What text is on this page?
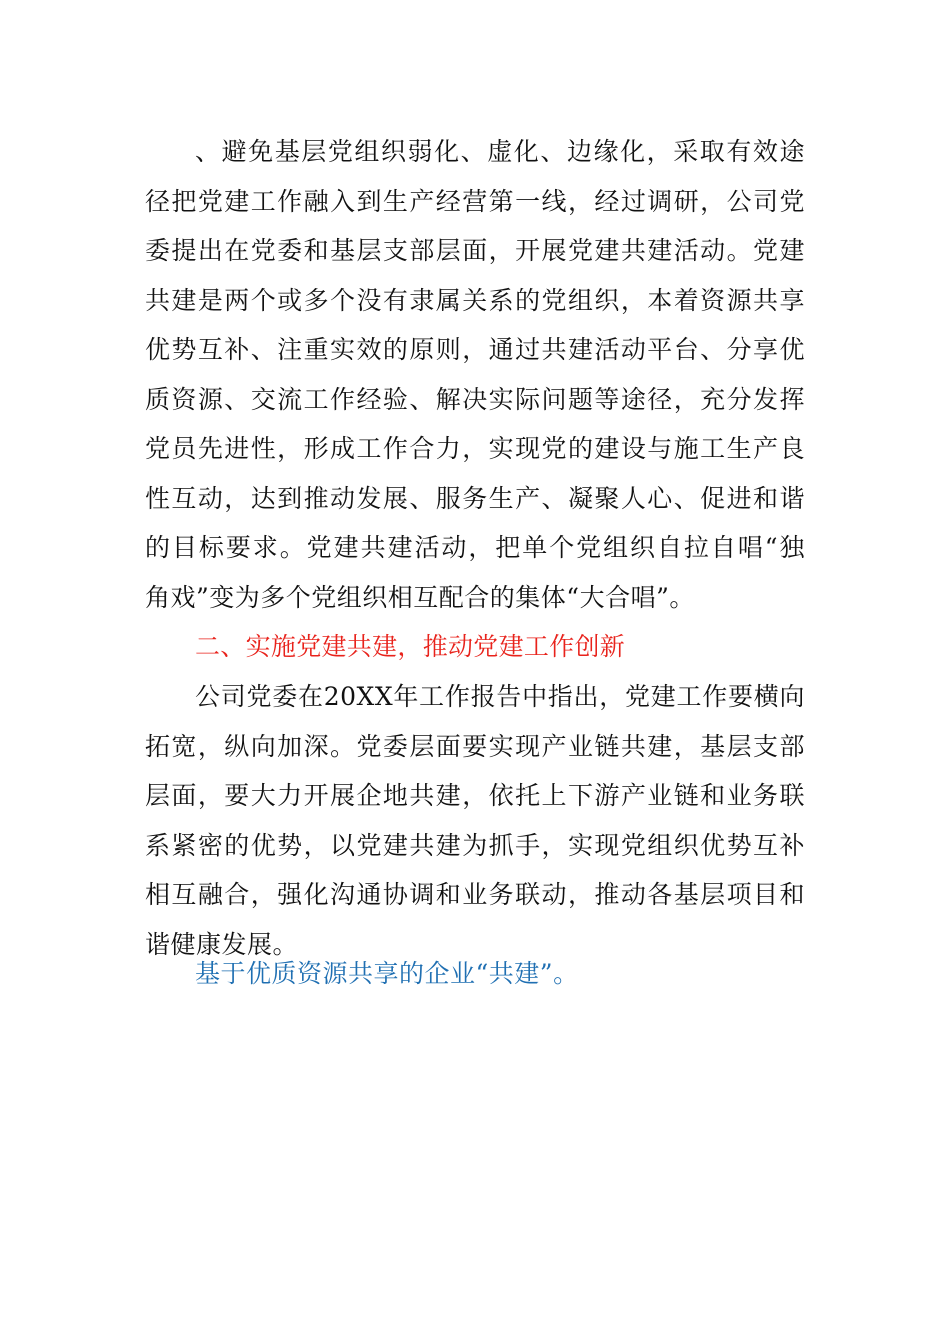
、避免基层党组织弱化、虚化、边缘化，采取有效途
径把党建工作融入到生产经营第一线，经过调研，公司党
委提出在党委和基层支部层面，开展党建共建活动。党建
共建是两个或多个没有隶属关系的党组织，本着资源共享
优势互补、注重实效的原则，通过共建活动平台、分享优
质资源、交流工作经验、解决实际问题等途径，充分发挥
党员先进性，形成工作合力，实现党的建设与施工生产良
性互动，达到推动发展、服务生产、凝聚人心、促进和谐
的目标要求。党建共建活动，把单个党组织自拉自唱“独
角戏”变为多个党组织相互配合的集体“大合唱”。
二、实施党建共建，推动党建工作创新
公司党委在20XX年工作报告中指出，党建工作要横向
拓宽，纵向加深。党委层面要实现产业链共建，基层支部
层面，要大力开展企地共建，依托上下游产业链和业务联
系紧密的优势，以党建共建为抓手，实现党组织优势互补
相互融合，强化沟通协调和业务联动，推动各基层项目和
谐健康发展。
基于优质资源共享的企业“共建”。
